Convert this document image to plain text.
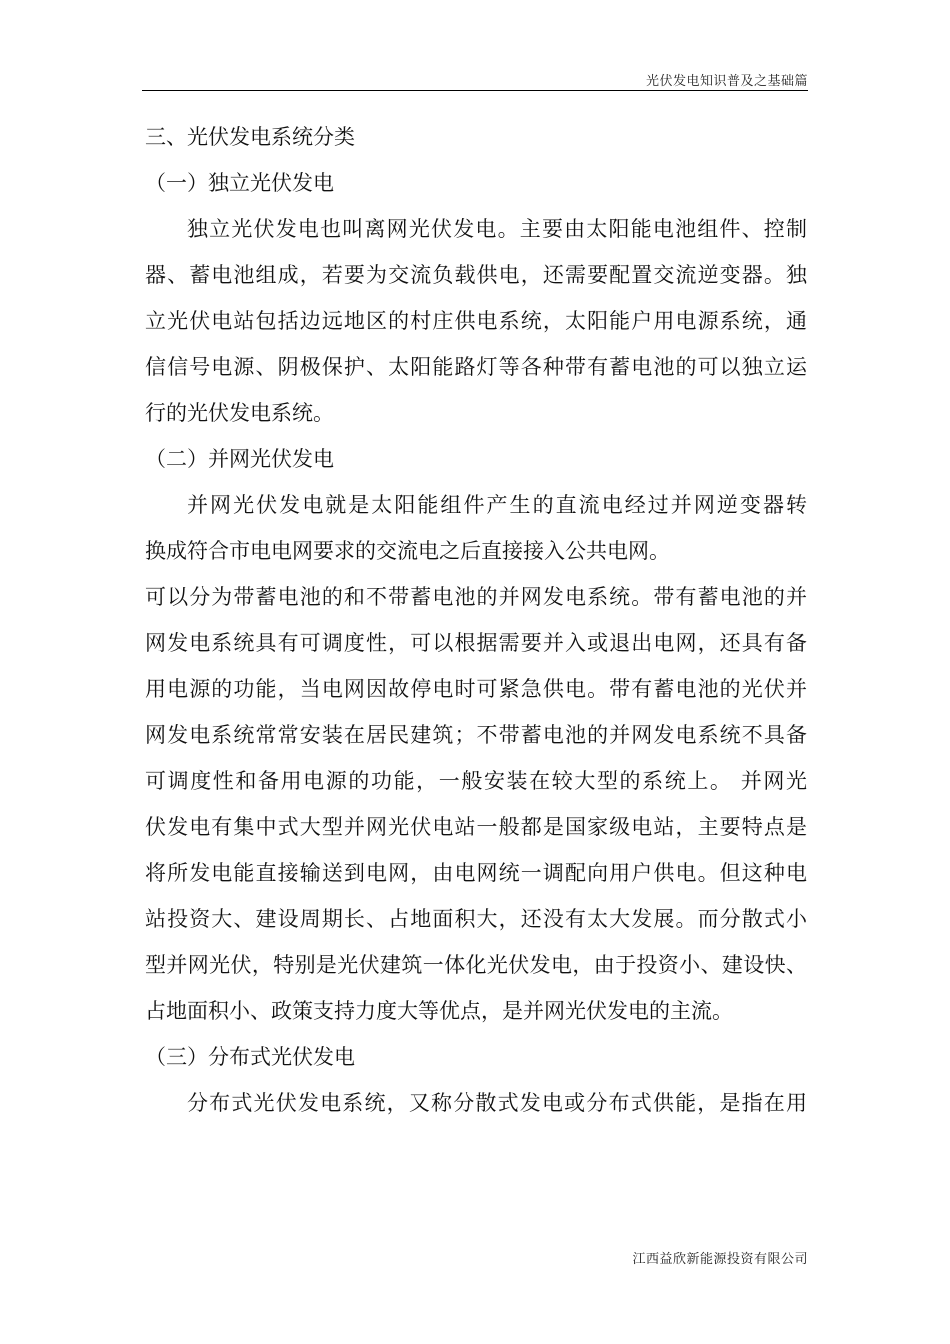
光伏发电知识普及之基础篇
三、光伏发电系统分类
（一）独立光伏发电
独立光伏发电也叫离网光伏发电。主要由太阳能电池组件、控制
器、蓄电池组成，若要为交流负载供电，还需要配置交流逆变器。独
立光伏电站包括边远地区的村庄供电系统，太阳能户用电源系统，通
信信号电源、阴极保护、太阳能路灯等各种带有蓄电池的可以独立运
行的光伏发电系统。
（二）并网光伏发电
并网光伏发电就是太阳能组件产生的直流电经过并网逆变器转
换成符合市电电网要求的交流电之后直接接入公共电网。
可以分为带蓄电池的和不带蓄电池的并网发电系统。带有蓄电池的并
网发电系统具有可调度性，可以根据需要并入或退出电网，还具有备
用电源的功能，当电网因故停电时可紧急供电。带有蓄电池的光伏并
网发电系统常常安装在居民建筑；不带蓄电池的并网发电系统不具备
可调度性和备用电源的功能，一般安装在较大型的系统上。 并网光
伏发电有集中式大型并网光伏电站一般都是国家级电站，主要特点是
将所发电能直接输送到电网，由电网统一调配向用户供电。但这种电
站投资大、建设周期长、占地面积大，还没有太大发展。而分散式小
型并网光伏，特别是光伏建筑一体化光伏发电，由于投资小、建设快、
占地面积小、政策支持力度大等优点，是并网光伏发电的主流。
（三）分布式光伏发电
分布式光伏发电系统，又称分散式发电或分布式供能，是指在用
江西益欣新能源投资有限公司
